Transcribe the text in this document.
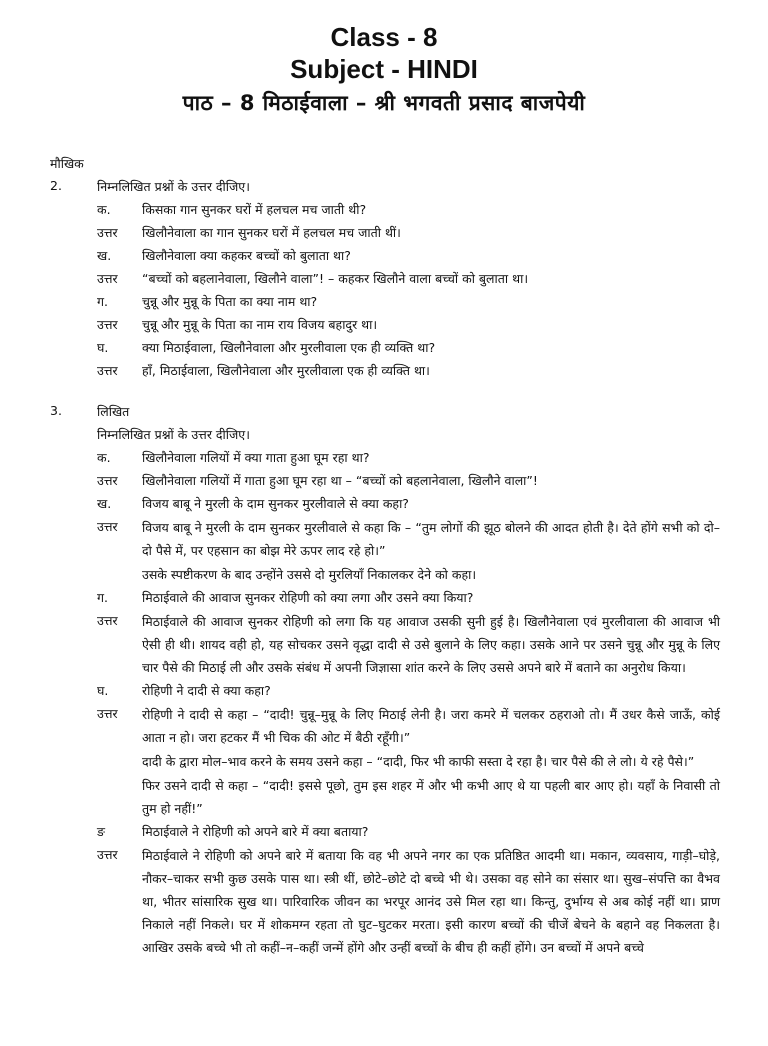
Class - 8
Subject - HINDI
पाठ – 8 मिठाईवाला – श्री भगवती प्रसाद बाजपेयी
मौखिक
2.	निम्नलिखित प्रश्नों के उत्तर दीजिए।
क.	किसका गान सुनकर घरों में हलचल मच जाती थी?
उत्तर खिलौनेवाला का गान सुनकर घरों में हलचल मच जाती थीं।
ख. खिलौनेवाला क्या कहकर बच्चों को बुलाता था?
उत्तर “बच्चों को बहलानेवाला, खिलौने वाला”! – कहकर खिलौने वाला बच्चों को बुलाता था।
ग.	चुन्नू और मुन्नू के पिता का क्या नाम था?
उत्तर चुन्नू और मुन्नू के पिता का नाम राय विजय बहादुर था।
घ.	क्या मिठाईवाला, खिलौनेवाला और मुरलीवाला एक ही व्यक्ति था?
उत्तर हाँ, मिठाईवाला, खिलौनेवाला और मुरलीवाला एक ही व्यक्ति था।
3.	लिखित
निम्नलिखित प्रश्नों के उत्तर दीजिए।
क.	खिलौनेवाला गलियों में क्या गाता हुआ घूम रहा था?
उत्तर खिलौनेवाला गलियों में गाता हुआ घूम रहा था – “बच्चों को बहलानेवाला, खिलौने वाला”!
ख. विजय बाबू ने मुरली के दाम सुनकर मुरलीवाले से क्या कहा?
उत्तर विजय बाबू ने मुरली के दाम सुनकर मुरलीवाले से कहा कि – “तुम लोगों की झूठ बोलने की आदत होती है। देते होंगे सभी को दो–दो पैसे में, पर एहसान का बोझ मेरे ऊपर लाद रहे हो।”
उसके स्पष्टीकरण के बाद उन्होंने उससे दो मुरलियाँ निकालकर देने को कहा।
ग.	मिठाईवाले की आवाज सुनकर रोहिणी को क्या लगा और उसने क्या किया?
उत्तर मिठाईवाले की आवाज सुनकर रोहिणी को लगा कि यह आवाज उसकी सुनी हुई है। खिलौनेवाला एवं मुरलीवाला की आवाज भी ऐसी ही थी। शायद वही हो, यह सोचकर उसने वृद्धा दादी से उसे बुलाने के लिए कहा। उसके आने पर उसने चुन्नू और मुन्नू के लिए चार पैसे की मिठाई ली और उसके संबंध में अपनी जिज्ञासा शांत करने के लिए उससे अपने बारे में बताने का अनुरोध किया।
घ.	रोहिणी ने दादी से क्या कहा?
उत्तर रोहिणी ने दादी से कहा – “दादी! चुन्नू–मुन्नू के लिए मिठाई लेनी है। जरा कमरे में चलकर ठहराओ तो। मैं उधर कैसे जाऊँ, कोई आता न हो। जरा हटकर मैं भी चिक की ओट में बैठी रहूँगी।”
दादी के द्वारा मोल–भाव करने के समय उसने कहा – “दादी, फिर भी काफी सस्ता दे रहा है। चार पैसे की ले लो। ये रहे पैसे।”
फिर उसने दादी से कहा – “दादी! इससे पूछो, तुम इस शहर में और भी कभी आए थे या पहली बार आए हो। यहाँ के निवासी तो तुम हो नहीं!”
ङ	मिठाईवाले ने रोहिणी को अपने बारे में क्या बताया?
उत्तर मिठाईवाले ने रोहिणी को अपने बारे में बताया कि वह भी अपने नगर का एक प्रतिष्ठित आदमी था। मकान, व्यवसाय, गाड़ी–घोड़े, नौकर–चाकर सभी कुछ उसके पास था। स्त्री थीं, छोटे–छोटे दो बच्चे भी थे। उसका वह सोने का संसार था। सुख–संपत्ति का वैभव था, भीतर सांसारिक सुख था। पारिवारिक जीवन का भरपूर आनंद उसे मिल रहा था। किन्तु, दुर्भाग्य से अब कोई नहीं था। प्राण निकाले नहीं निकले। घर में शोकमग्न रहता तो घुट–घुटकर मरता। इसी कारण बच्चों की चीजें बेचने के बहाने वह निकलता है। आखिर उसके बच्चे भी तो कहीं–न–कहीं जन्में होंगे और उन्हीं बच्चों के बीच ही कहीं होंगे। उन बच्चों में अपने बच्चे
